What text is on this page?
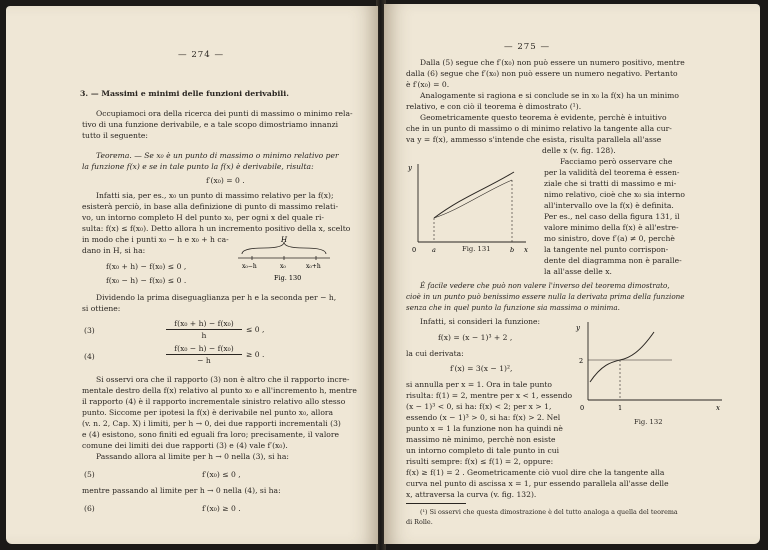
— 274 —
3. — Massimi e minimi delle funzioni derivabili.
Occupiamoci ora della ricerca dei punti di massimo o minimo rela-
tivo di una funzione derivabile, e a tale scopo dimostriamo innanzi
tutto il seguente:
Teorema. — Se x₀ è un punto di massimo o minimo relativo per
la funzione f(x) e se in tale punto la f(x) è derivabile, risulta:
f′(x₀) = 0 .
Infatti sia, per es., x₀ un punto di massimo relativo per la f(x);
esisterà perciò, in base alla definizione di punto di massimo relati-
vo, un intorno completo H del punto x₀, per ogni x del quale ri-
sulta: f(x) ≤ f(x₀). Detto allora h un incremento positivo della x, scelto
in modo che i punti x₀ − h e x₀ + h ca-
dano in H, si ha:
f(x₀ + h) − f(x₀) ≤ 0 ,
f(x₀ − h) − f(x₀) ≤ 0 .
H
x₀−h	x₀	x₀+h
Fig. 130
Dividendo la prima diseguaglianza per h e la seconda per − h,
si ottiene:
(3)
f(x₀ + h) − f(x₀)
h
≤ 0 ,
(4)
f(x₀ − h) − f(x₀)
− h
≥ 0 .
Si osservi ora che il rapporto (3) non è altro che il rapporto incre-
mentale destro della f(x) relativo al punto x₀ e all'incremento h, mentre
il rapporto (4) è il rapporto incrementale sinistro relativo allo stesso
punto. Siccome per ipotesi la f(x) è derivabile nel punto x₀, allora
(v. n. 2, Cap. X) i limiti, per h → 0, dei due rapporti incrementali (3)
e (4) esistono, sono finiti ed eguali fra loro; precisamente, il valore
comune dei limiti dei due rapporti (3) e (4) vale f′(x₀).
Passando allora al limite per h → 0 nella (3), si ha:
(5)	f′(x₀) ≤ 0 ,
mentre passando al limite per h → 0 nella (4), si ha:
(6)	f′(x₀) ≥ 0 .
— 275 —
Dalla (5) segue che f′(x₀) non può essere un numero positivo, mentre
dalla (6) segue che f′(x₀) non può essere un numero negativo. Pertanto
è f′(x₀) = 0.
Analogamente si ragiona e si conclude se in x₀ la f(x) ha un minimo
relativo, e con ciò il teorema è dimostrato (¹).
Geometricamente questo teorema è evidente, perchè è intuitivo
che in un punto di massimo o di minimo relativo la tangente alla cur-
va y = f(x), ammesso s'intende che esista, risulta parallela all'asse
delle x (v. fig. 128).
y
x
0 a	b
Fig. 131
Facciamo però osservare che
per la validità del teorema è essen-
ziale che si tratti di massimo e mi-
nimo relativo, cioè che x₀ sia interno
all'intervallo ove la f(x) è definita.
Per es., nel caso della figura 131, il
valore minimo della f(x) è all'estre-
mo sinistro, dove f′(a) ≠ 0, perchè
la tangente nel punto corrispon-
dente del diagramma non è paralle-
la all'asse delle x.
È facile vedere che può non valere l'inverso del teorema dimostrato,
cioè in un punto può benissimo essere nulla la derivata prima della funzione
senza che in quel punto la funzione sia massima o minima.
Infatti, si consideri la funzione:
f(x) = (x − 1)³ + 2 ,
la cui derivata:
f′(x) = 3(x − 1)²,
si annulla per x = 1. Ora in tale punto
risulta: f(1) = 2, mentre per x < 1, essendo
(x − 1)³ < 0, si ha: f(x) < 2; per x > 1,
essendo (x − 1)³ > 0, si ha: f(x) > 2. Nel
punto x = 1 la funzione non ha quindi nè
massimo nè minimo, perchè non esiste
un intorno completo di tale punto in cui
risulti sempre: f(x) ≤ f(1) = 2, oppure:
f(x) ≥ f(1) = 2 . Geometricamente ciò vuol dire che la tangente alla
curva nel punto di ascissa x = 1, pur essendo parallela all'asse delle
x, attraversa la curva (v. fig. 132).
y
x
0	1
2
Fig. 132
(¹) Si osservi che questa dimostrazione è del tutto analoga a quella del teorema
di Rolle.
